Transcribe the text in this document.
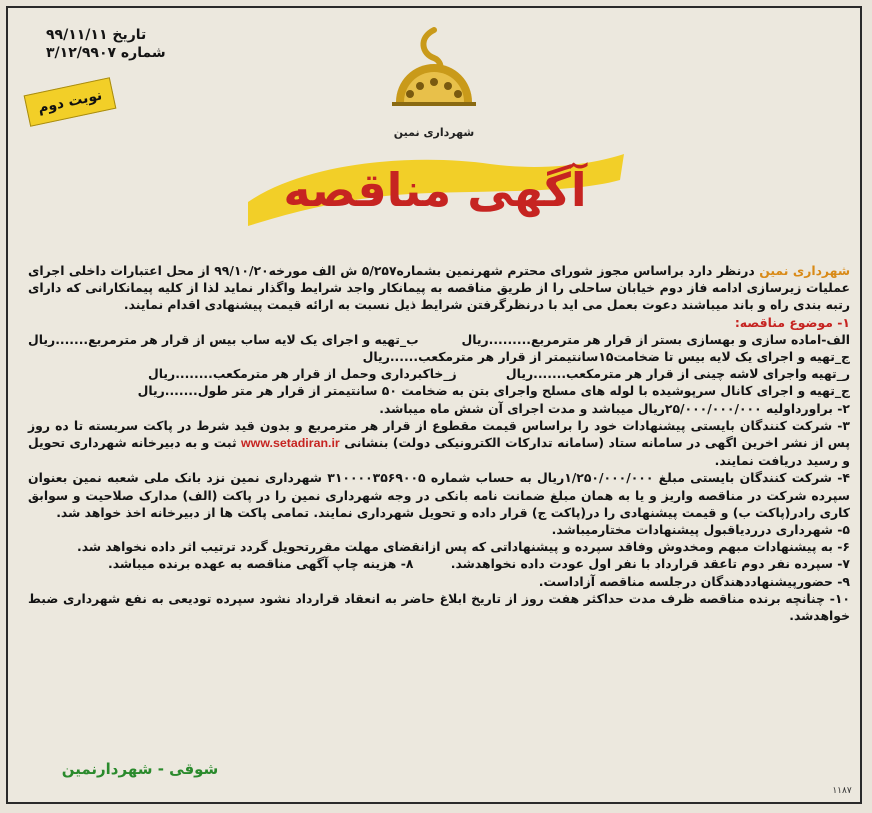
تاریخ ۹۹/۱۱/۱۱
شماره ۳/۱۲/۹۹۰۷
نوبت دوم
شهرداری نمین
آگهی مناقصه

شهرداری نمین درنظر دارد براساس مجوز شورای محترم شهرنمین بشماره۵/۲۵۷ ش الف مورخه۹۹/۱۰/۲۰ از محل اعتبارات داخلی اجرای عملیات زیرسازی ادامه فاز دوم خیابان ساحلی را از طریق مناقصه به پیمانکار واجد شرایط واگذار نماید لذا از کلیه پیمانکارانی که دارای رتبه بندی راه و باند میباشند دعوت بعمل می اید با درنظرگرفتن شرایط ذیل نسبت به ارائه قیمت پیشنهادی اقدام نمایند.

۱- موضوع مناقصه:

الف-اماده سازی و بهسازی بستر از قرار هر مترمربع.........ریال
ب_تهیه و اجرای یک لایه ساب بیس از قرار هر مترمربع.......ریال

ج_تهیه و اجرای یک لایه بیس تا ضخامت۱۵سانتیمتر از قرار هر مترمکعب......ریال

ر_تهیه واجرای لاشه چینی از قرار هر مترمکعب.......ریال
ز_خاکبرداری وحمل از قرار هر مترمکعب........ریال

ج_تهیه و اجرای کانال سرپوشیده با لوله های مسلح واجرای بتن به ضخامت ۵۰ سانتیمتر از قرار هر متر طول.......ریال

۲- براوردا‌ولیه ۲۵/۰۰۰/۰۰۰/۰۰۰ریال میباشد و مدت اجرای آن شش ماه میباشد.

۳- شرکت کنندگان بایستی پیشنهادات خود را براساس قیمت مقطوع از قرار هر مترمربع و بدون قید شرط در پاکت سربسته تا ده روز پس از نشر اخرین اگهی در سامانه ستاد (سامانه تدارکات الکترونیکی دولت) بنشانی www.setadiran.ir ثبت و به دبیرخانه شهرداری تحویل و رسید دریافت نمایند.

۴- شرکت کنندگان بایستی مبلغ ۱/۲۵۰/۰۰۰/۰۰۰ریال به حساب شماره ۳۱۰۰۰۰۳۵۶۹۰۰۵ شهرداری نمین نزد بانک ملی شعبه نمین بعنوان سپرده شرکت در مناقصه واریز و یا به همان مبلغ ضمانت نامه بانکی در وجه شهرداری نمین را در پاکت (الف) مدارک صلاحیت و سوابق کاری رادر(پاکت ب) و قیمت پیشنهادی را در(پاکت ج) قرار داده و تحویل شهرداری نمایند. تمامی پاکت ها از دبیرخانه اخذ خواهد شد.

۵- شهرداری درردیاقبول پیشنهادات مختارمیباشد.

۶- به پیشنهادات مبهم ومخدوش وفاقد سپرده و پیشنهاداتی که پس ازانقضای مهلت مقررتحویل گردد ترتیب اثر داده نخواهد شد.

۷- سپرده نفر دوم تاعقد قرارداد با نفر اول عودت داده نخواهدشد.
۸- هزینه چاپ آگهی مناقصه به عهده برنده میباشد.

۹- حضورپیشنهاددهندگان درجلسه مناقصه آزاداست.

۱۰- چنانچه برنده مناقصه ظرف مدت حداکثر هفت روز از تاریخ ابلاغ حاضر به انعقاد قرارداد نشود سپرده تودیعی به نفع شهرداری ضبط خواهدشد.

شوقی - شهردارنمین
۱۱۸۷
